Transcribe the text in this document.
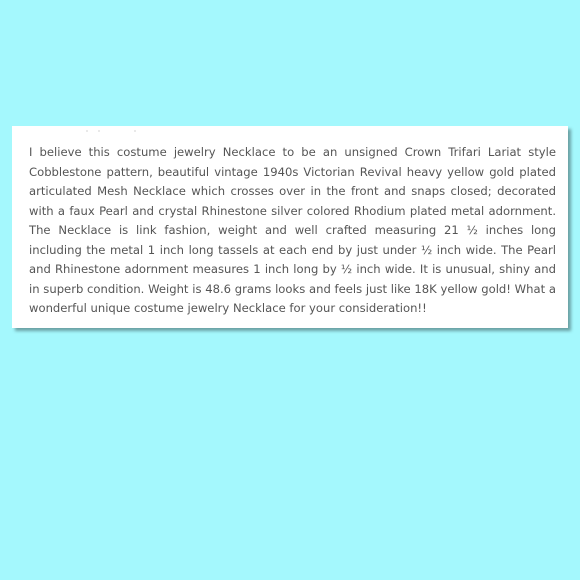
I believe this costume jewelry Necklace to be an unsigned Crown Trifari Lariat style Cobblestone pattern, beautiful vintage 1940s Victorian Revival heavy yellow gold plated articulated Mesh Necklace which crosses over in the front and snaps closed; decorated with a faux Pearl and crystal Rhinestone silver colored Rhodium plated metal adornment. The Necklace is link fashion, weight and well crafted measuring 21 ½ inches long including the metal 1 inch long tassels at each end by just under ½ inch wide. The Pearl and Rhinestone adornment measures 1 inch long by ½ inch wide. It is unusual, shiny and in superb condition. Weight is 48.6 grams looks and feels just like 18K yellow gold! What a wonderful unique costume jewelry Necklace for your consideration!!
